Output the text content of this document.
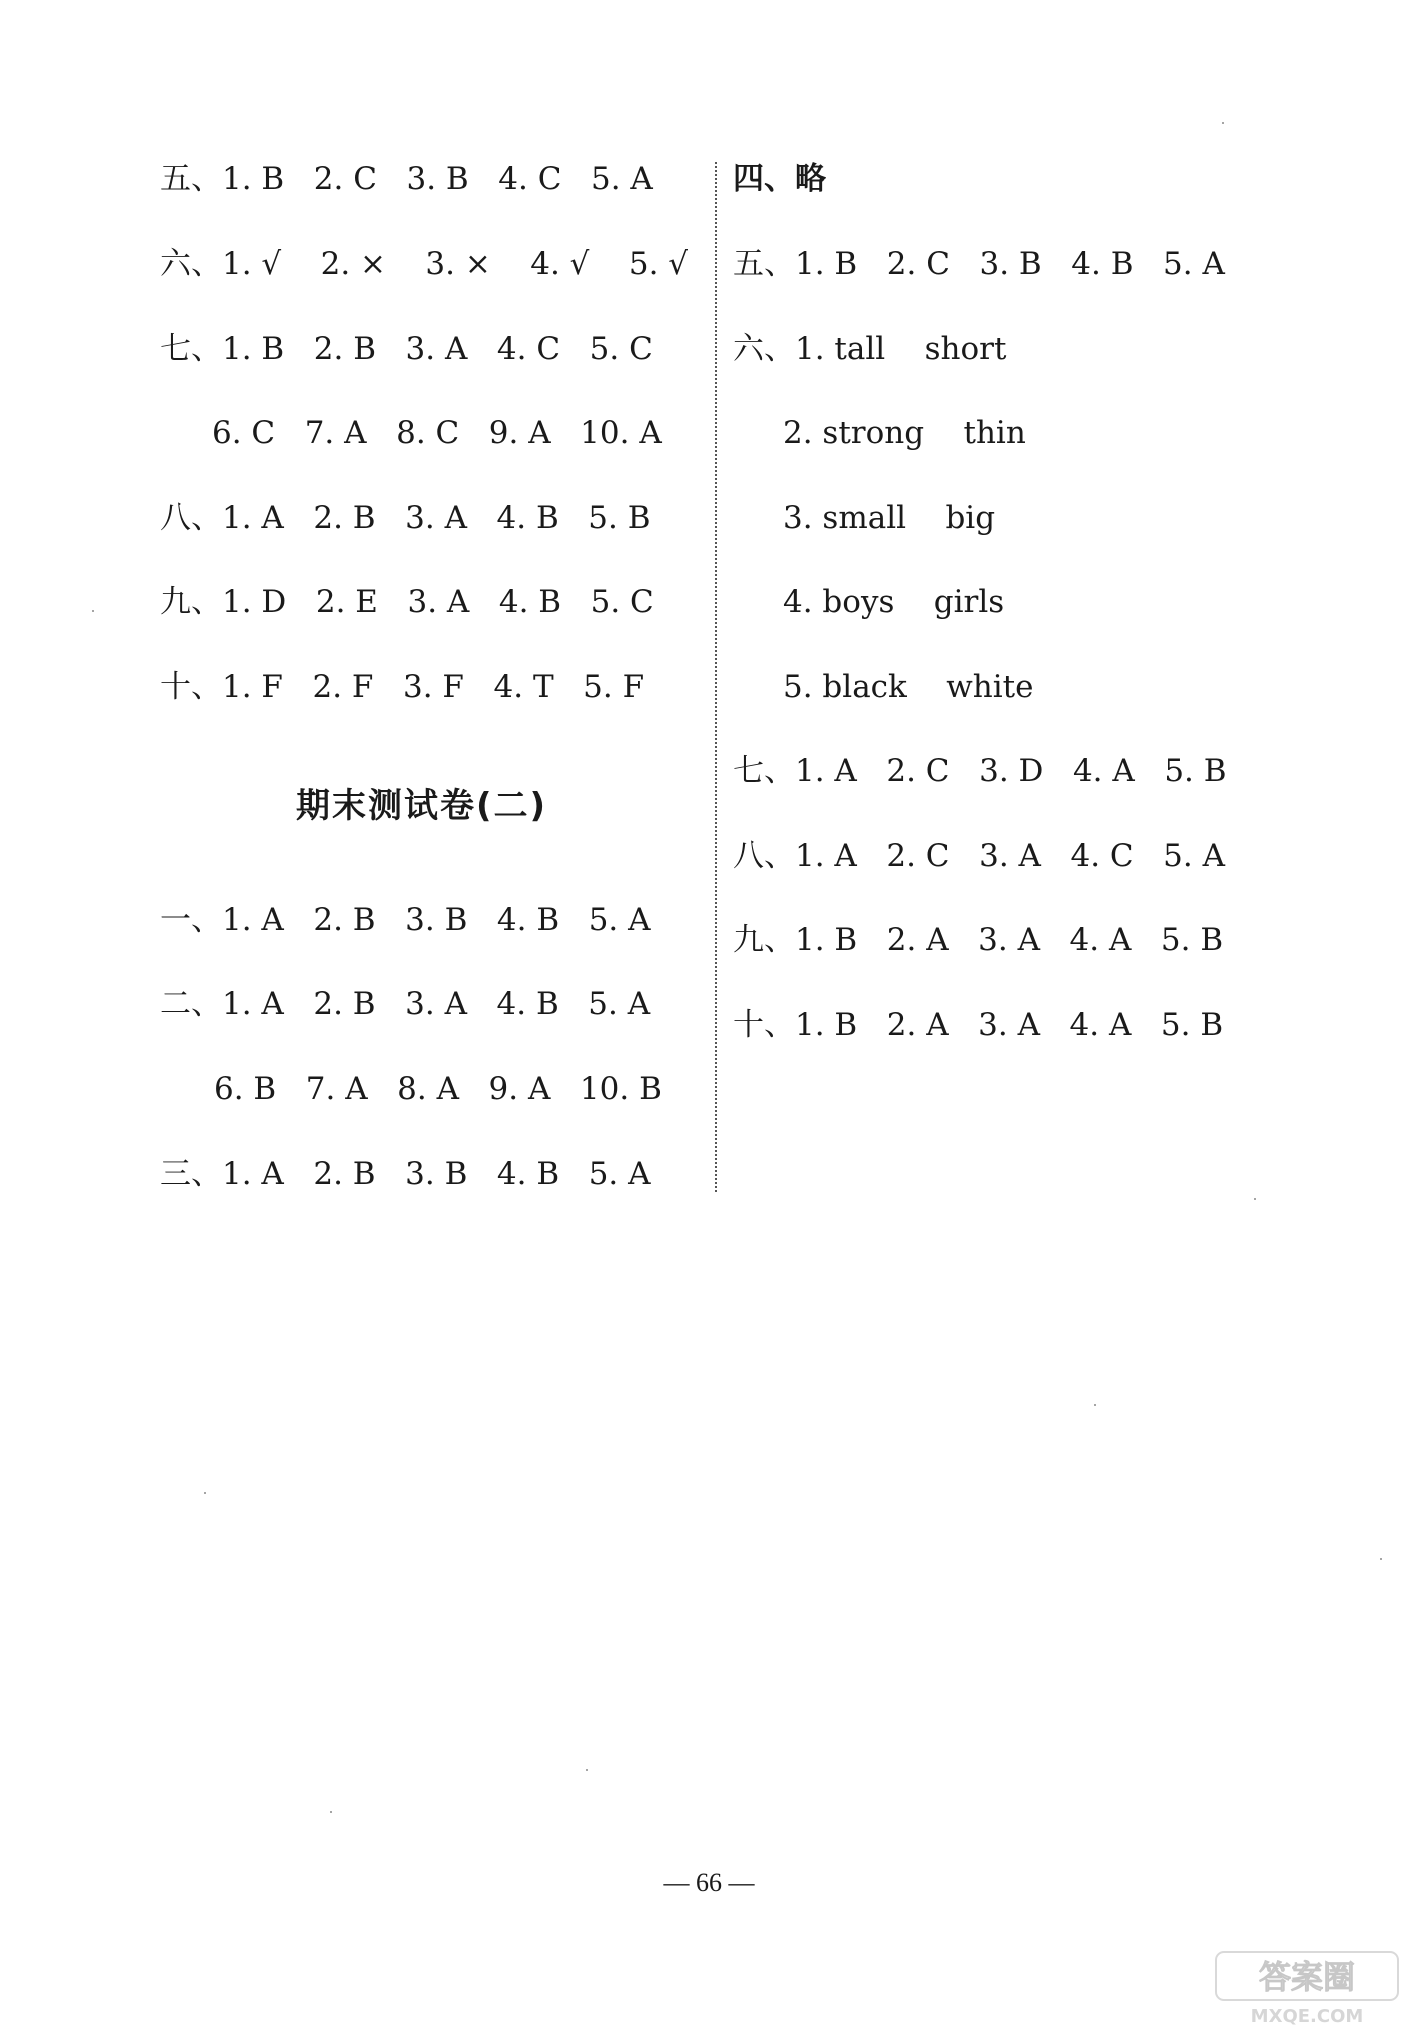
五、1. B   2. C   3. B   4. C   5. A
六、1. √    2. ×    3. ×    4. √    5. √
七、1. B   2. B   3. A   4. C   5. C
6. C   7. A   8. C   9. A   10. A
八、1. A   2. B   3. A   4. B   5. B
九、1. D   2. E   3. A   4. B   5. C
十、1. F   2. F   3. F   4. T   5. F
期末测试卷(二)
一、1. A   2. B   3. B   4. B   5. A
二、1. A   2. B   3. A   4. B   5. A
6. B   7. A   8. A   9. A   10. B
三、1. A   2. B   3. B   4. B   5. A
四、略
五、1. B   2. C   3. B   4. B   5. A
六、1. tall    short
2. strong    thin
3. small    big
4. boys    girls
5. black    white
七、1. A   2. C   3. D   4. A   5. B
八、1. A   2. C   3. A   4. C   5. A
九、1. B   2. A   3. A   4. A   5. B
十、1. B   2. A   3. A   4. A   5. B
— 66 —
答案圈
MXQE.COM
